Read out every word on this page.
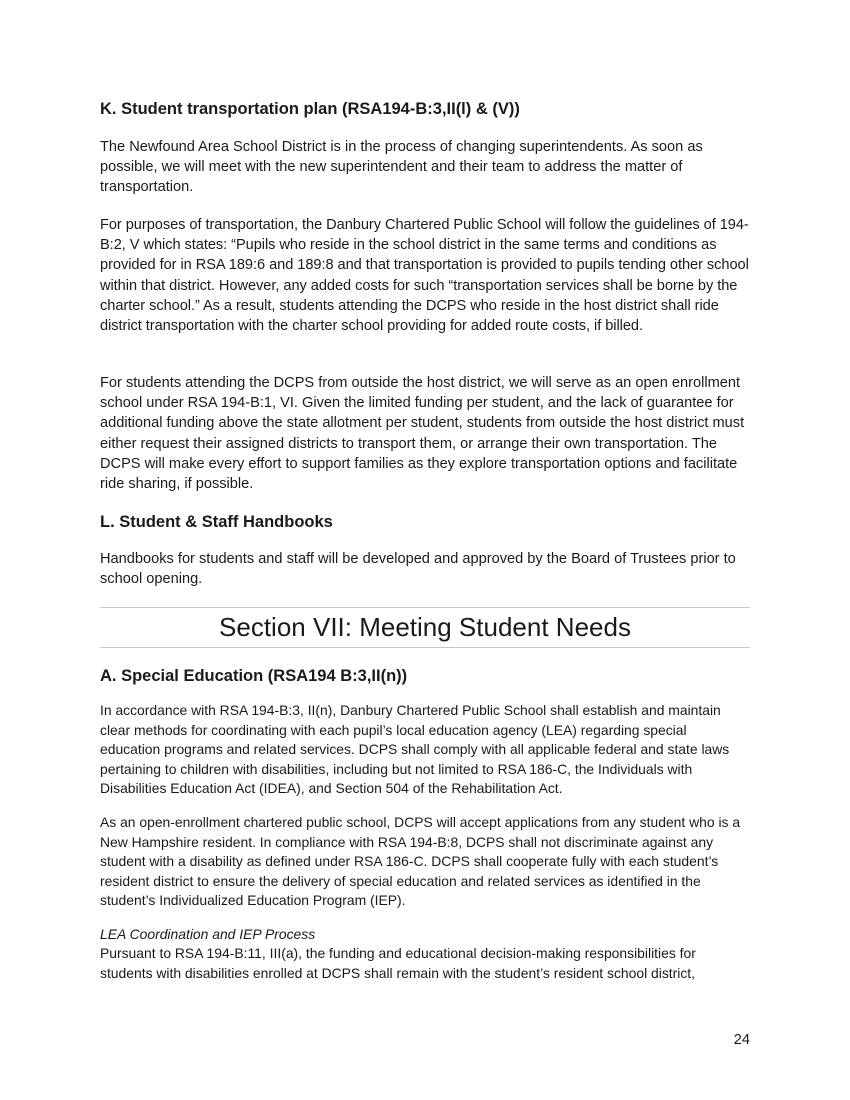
K. Student transportation plan (RSA194-B:3,II(l) & (V))

The Newfound Area School District is in the process of changing superintendents. As soon as possible, we will meet with the new superintendent and their team to address the matter of transportation.

For purposes of transportation, the Danbury Chartered Public School will follow the guidelines of 194-B:2, V which states: “Pupils who reside in the school district in the same terms and conditions as provided for in RSA 189:6 and 189:8 and that transportation is provided to pupils tending other school within that district. However, any added costs for such “transportation services shall be borne by the charter school.” As a result, students attending the DCPS who reside in the host district shall ride district transportation with the charter school providing for added route costs, if billed.

For students attending the DCPS from outside the host district, we will serve as an open enrollment school under RSA 194-B:1, VI. Given the limited funding per student, and the lack of guarantee for additional funding above the state allotment per student, students from outside the host district must either request their assigned districts to transport them, or arrange their own transportation. The DCPS will make every effort to support families as they explore transportation options and facilitate ride sharing, if possible.

L. Student & Staff Handbooks

Handbooks for students and staff will be developed and approved by the Board of Trustees prior to school opening.

Section VII: Meeting Student Needs
A. Special Education (RSA194 B:3,II(n))

In accordance with RSA 194‑B:3, II(n), Danbury Chartered Public School shall establish and maintain clear methods for coordinating with each pupil’s local education agency (LEA) regarding special education programs and related services. DCPS shall comply with all applicable federal and state laws pertaining to children with disabilities, including but not limited to RSA 186‑C, the Individuals with Disabilities Education Act (IDEA), and Section 504 of the Rehabilitation Act.

As an open‑enrollment chartered public school, DCPS will accept applications from any student who is a New Hampshire resident. In compliance with RSA 194‑B:8, DCPS shall not discriminate against any student with a disability as defined under RSA 186‑C. DCPS shall cooperate fully with each student’s resident district to ensure the delivery of special education and related services as identified in the student’s Individualized Education Program (IEP).

LEA Coordination and IEP Process

Pursuant to RSA 194‑B:11, III(a), the funding and educational decision‑making responsibilities for students with disabilities enrolled at DCPS shall remain with the student’s resident school district,

24
